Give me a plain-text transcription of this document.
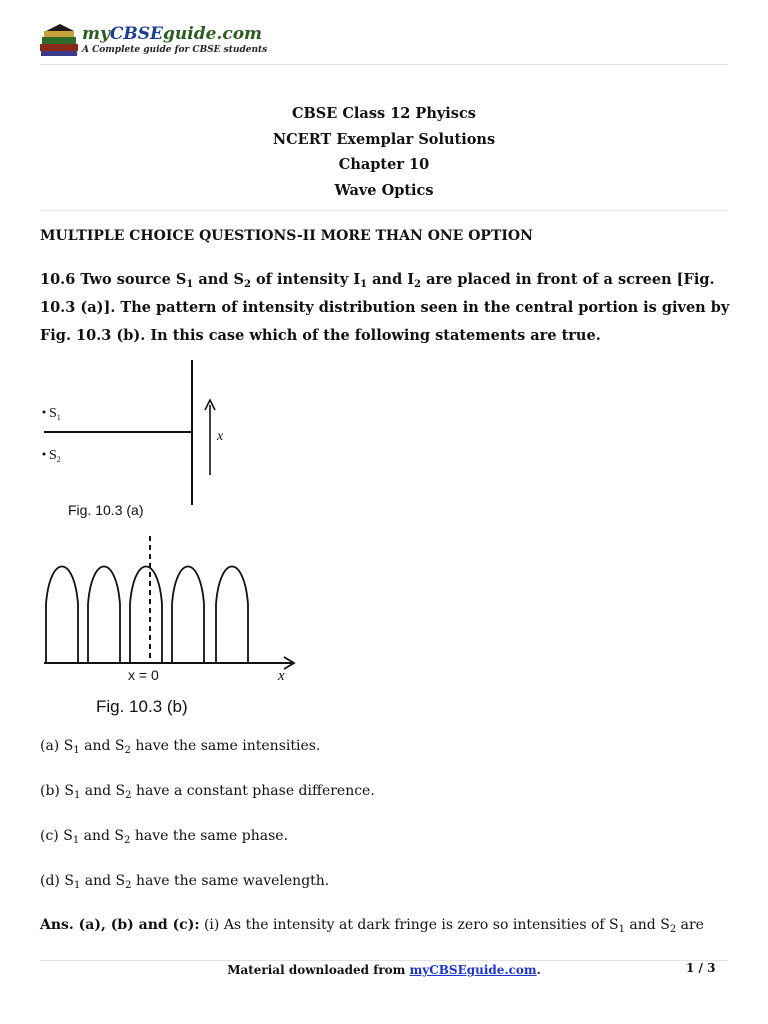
myCBSEguide.com
A Complete guide for CBSE students
CBSE Class 12 Phyiscs
NCERT Exemplar Solutions
Chapter 10
Wave Optics
MULTIPLE CHOICE QUESTIONS-II MORE THAN ONE OPTION
10.6 Two source $S_1$ and $S_2$ of intensity $I_1$ and $I_2$ are placed in front of a screen [Fig. 10.3 (a)]. The pattern of intensity distribution seen in the central portion is given by Fig. 10.3 (b). In this case which of the following statements are true.
$S_1$
$S_2$
x
Fig. 10.3 (a)
x = 0	x
Fig. 10.3 (b)
(a) $S_1$ and $S_2$ have the same intensities.
(b) $S_1$ and $S_2$ have a constant phase difference.
(c) $S_1$ and $S_2$ have the same phase.
(d) $S_1$ and $S_2$ have the same wavelength.
Ans. (a), (b) and (c): (i) As the intensity at dark fringe is zero so intensities of $S_1$ and $S_2$ are
Material downloaded from myCBSEguide.com.	1 / 3
